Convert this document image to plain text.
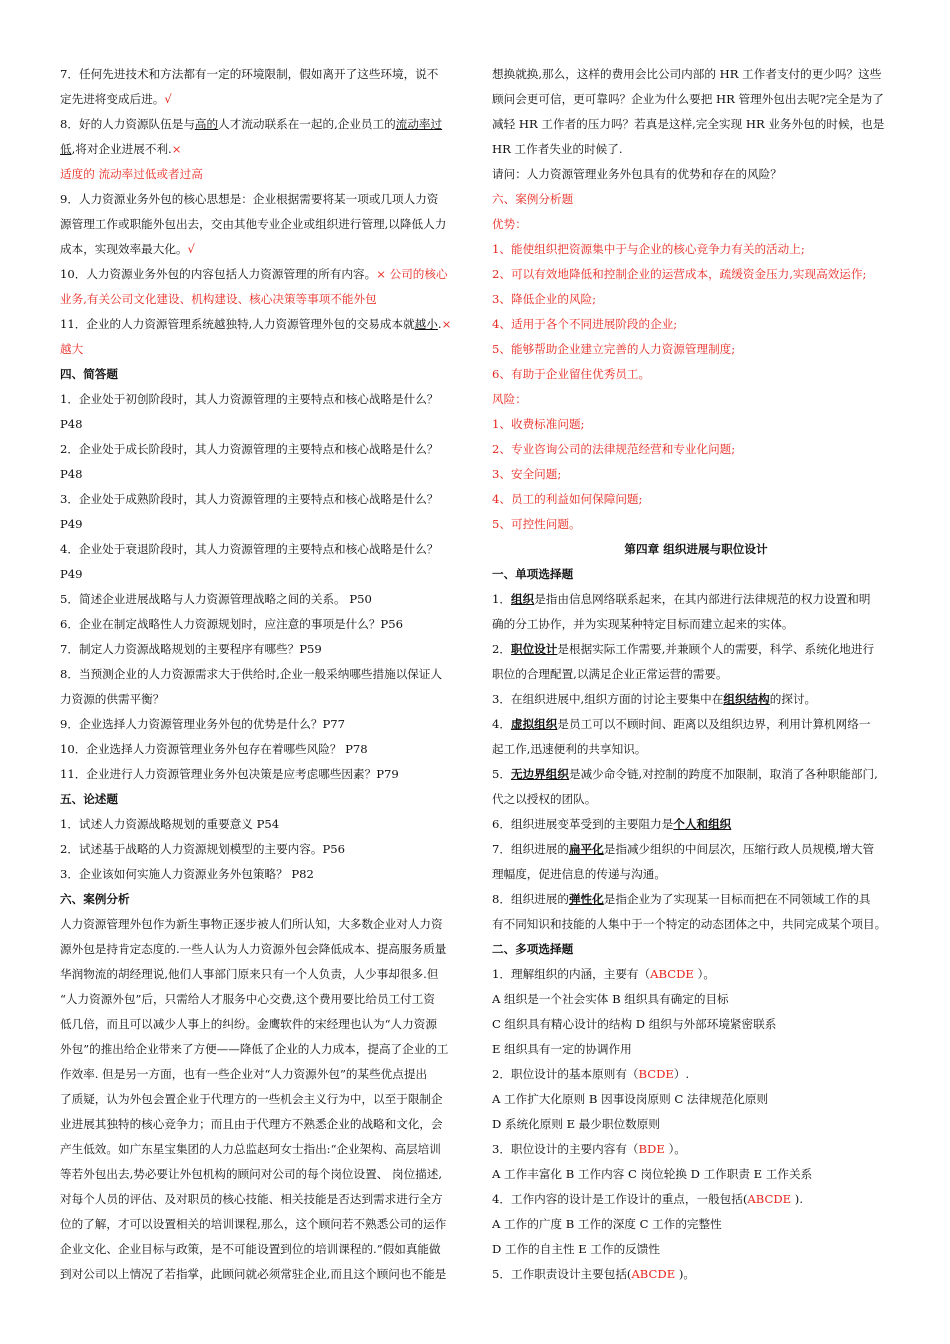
7．任何先进技术和方法都有一定的环境限制，假如离开了这些环境，说不
定先进将变成后进。√
8．好的人力资源队伍是与高的人才流动联系在一起的,企业员工的流动率过
低,将对企业进展不利.×
适度的 流动率过低或者过高
9．人力资源业务外包的核心思想是：企业根据需要将某一项或几项人力资
源管理工作或职能外包出去，交由其他专业企业或组织进行管理,以降低人力
成本，实现效率最大化。√
10．人力资源业务外包的内容包括人力资源管理的所有内容。× 公司的核心
业务,有关公司文化建设、机构建设、核心决策等事项不能外包
11．企业的人力资源管理系统越独特,人力资源管理外包的交易成本就越小.×
越大
四、简答题
1．企业处于初创阶段时，其人力资源管理的主要特点和核心战略是什么？
P48
2．企业处于成长阶段时，其人力资源管理的主要特点和核心战略是什么？
P48
3．企业处于成熟阶段时，其人力资源管理的主要特点和核心战略是什么？
P49
4．企业处于衰退阶段时，其人力资源管理的主要特点和核心战略是什么？
P49
5．简述企业进展战略与人力资源管理战略之间的关系。 P50
6．企业在制定战略性人力资源规划时，应注意的事项是什么？P56
7．制定人力资源战略规划的主要程序有哪些？P59
8．当预测企业的人力资源需求大于供给时,企业一般采纳哪些措施以保证人
力资源的供需平衡？
9．企业选择人力资源管理业务外包的优势是什么？P77
10．企业选择人力资源管理业务外包存在着哪些风险？ P78
11．企业进行人力资源管理业务外包决策是应考虑哪些因素？P79
五、论述题
1．试述人力资源战略规划的重要意义 P54
2．试述基于战略的人力资源规划模型的主要内容。P56
3．企业该如何实施人力资源业务外包策略？ P82
六、案例分析
人力资源管理外包作为新生事物正逐步被人们所认知，大多数企业对人力资
源外包是持肯定态度的.一些人认为人力资源外包会降低成本、提高服务质量
华润物流的胡经理说,他们人事部门原来只有一个人负责，人少事却很多.但
“人力资源外包”后，只需给人才服务中心交费,这个费用要比给员工付工资
低几倍，而且可以减少人事上的纠纷。金鹰软件的宋经理也认为“人力资源
外包”的推出给企业带来了方便——降低了企业的人力成本，提高了企业的工
作效率. 但是另一方面，也有一些企业对“人力资源外包”的某些优点提出
了质疑，认为外包会置企业于代理方的一些机会主义行为中，以至于限制企
业进展其独特的核心竞争力；而且由于代理方不熟悉企业的战略和文化，会
产生低效。如广东星宝集团的人力总监赵珂女士指出:“企业架构、高层培训
等若外包出去,势必要让外包机构的顾问对公司的每个岗位设置、 岗位描述,
对每个人员的评估、及对职员的核心技能、相关技能是否达到需求进行全方
位的了解，才可以设置相关的培训课程,那么，这个顾问若不熟悉公司的运作
企业文化、企业目标与政策，是不可能设置到位的培训课程的.”假如真能做
到对公司以上情况了若指掌，此顾问就必须常驻企业,而且这个顾问也不能是
想换就换,那么，这样的费用会比公司内部的 HR 工作者支付的更少吗？这些
顾问会更可信，更可靠吗？企业为什么要把 HR 管理外包出去呢?完全是为了
减轻 HR 工作者的压力吗？若真是这样,完全实现 HR 业务外包的时候，也是
HR 工作者失业的时候了.
请问：人力资源管理业务外包具有的优势和存在的风险？
六、案例分析题
优势：
1、能使组织把资源集中于与企业的核心竞争力有关的活动上;
2、可以有效地降低和控制企业的运营成本，疏缓资金压力,实现高效运作;
3、降低企业的风险;
4、适用于各个不同进展阶段的企业;
5、能够帮助企业建立完善的人力资源管理制度;
6、有助于企业留住优秀员工。
风险：
1、收费标准问题;
2、专业咨询公司的法律规范经营和专业化问题;
3、安全问题;
4、员工的利益如何保障问题;
5、可控性问题。
第四章 组织进展与职位设计
一、单项选择题
1．组织是指由信息网络联系起来，在其内部进行法律规范的权力设置和明
确的分工协作，并为实现某种特定目标而建立起来的实体。
2．职位设计是根据实际工作需要,并兼顾个人的需要，科学、系统化地进行
职位的合理配置,以满足企业正常运营的需要。
3．在组织进展中,组织方面的讨论主要集中在组织结构的探讨。
4．虚拟组织是员工可以不顾时间、距离以及组织边界，利用计算机网络一
起工作,迅速便利的共享知识。
5．无边界组织是减少命令链,对控制的跨度不加限制，取消了各种职能部门,
代之以授权的团队。
6．组织进展变革受到的主要阻力是个人和组织
7．组织进展的扁平化是指减少组织的中间层次，压缩行政人员规模,增大管
理幅度，促进信息的传递与沟通。
8．组织进展的弹性化是指企业为了实现某一目标而把在不同领域工作的具
有不同知识和技能的人集中于一个特定的动态团体之中，共同完成某个项目。
二、多项选择题
1．理解组织的内涵，主要有（ABCDE ）。
A 组织是一个社会实体 B 组织具有确定的目标
C 组织具有精心设计的结构 D 组织与外部环境紧密联系
E 组织具有一定的协调作用
2．职位设计的基本原则有（BCDE）.
A 工作扩大化原则 B 因事设岗原则 C 法律规范化原则
D 系统化原则 E 最少职位数原则
3．职位设计的主要内容有（BDE ）。
A 工作丰富化 B 工作内容 C 岗位轮换 D 工作职责 E 工作关系
4．工作内容的设计是工作设计的重点，一般包括(ABCDE ).
A 工作的广度 B 工作的深度 C 工作的完整性
D 工作的自主性 E 工作的反馈性
5．工作职责设计主要包括(ABCDE )。
